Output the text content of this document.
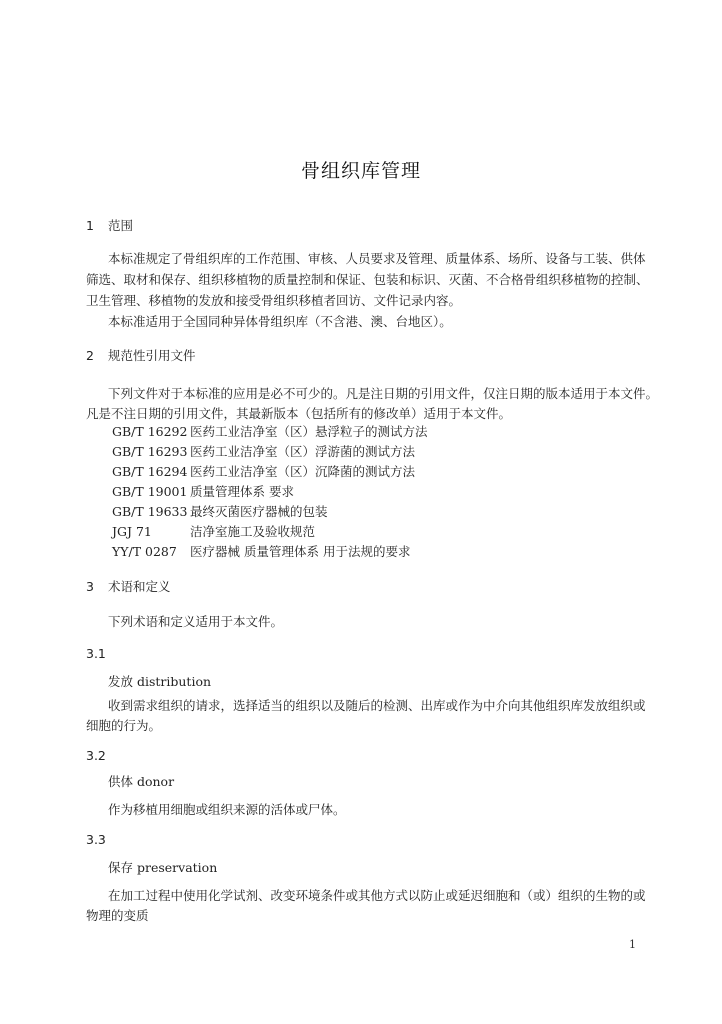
骨组织库管理
1 范围
本标准规定了骨组织库的工作范围、审核、人员要求及管理、质量体系、场所、设备与工装、供体
筛选、取材和保存、组织移植物的质量控制和保证、包装和标识、灭菌、不合格骨组织移植物的控制、
卫生管理、移植物的发放和接受骨组织移植者回访、文件记录内容。
本标准适用于全国同种异体骨组织库（不含港、澳、台地区）。
2 规范性引用文件
下列文件对于本标准的应用是必不可少的。凡是注日期的引用文件，仅注日期的版本适用于本文件。
凡是不注日期的引用文件，其最新版本（包括所有的修改单）适用于本文件。
GB/T 16292 医药工业洁净室（区）悬浮粒子的测试方法
GB/T 16293 医药工业洁净室（区）浮游菌的测试方法
GB/T 16294 医药工业洁净室（区）沉降菌的测试方法
GB/T 19001 质量管理体系 要求
GB/T 19633 最终灭菌医疗器械的包装
JGJ 71	洁净室施工及验收规范
YY/T 0287 医疗器械 质量管理体系 用于法规的要求
3 术语和定义
下列术语和定义适用于本文件。
3.1
发放 distribution
收到需求组织的请求，选择适当的组织以及随后的检测、出库或作为中介向其他组织库发放组织或
细胞的行为。
3.2
供体 donor
作为移植用细胞或组织来源的活体或尸体。
3.3
保存 preservation
在加工过程中使用化学试剂、改变环境条件或其他方式以防止或延迟细胞和（或）组织的生物的或
物理的变质
1
